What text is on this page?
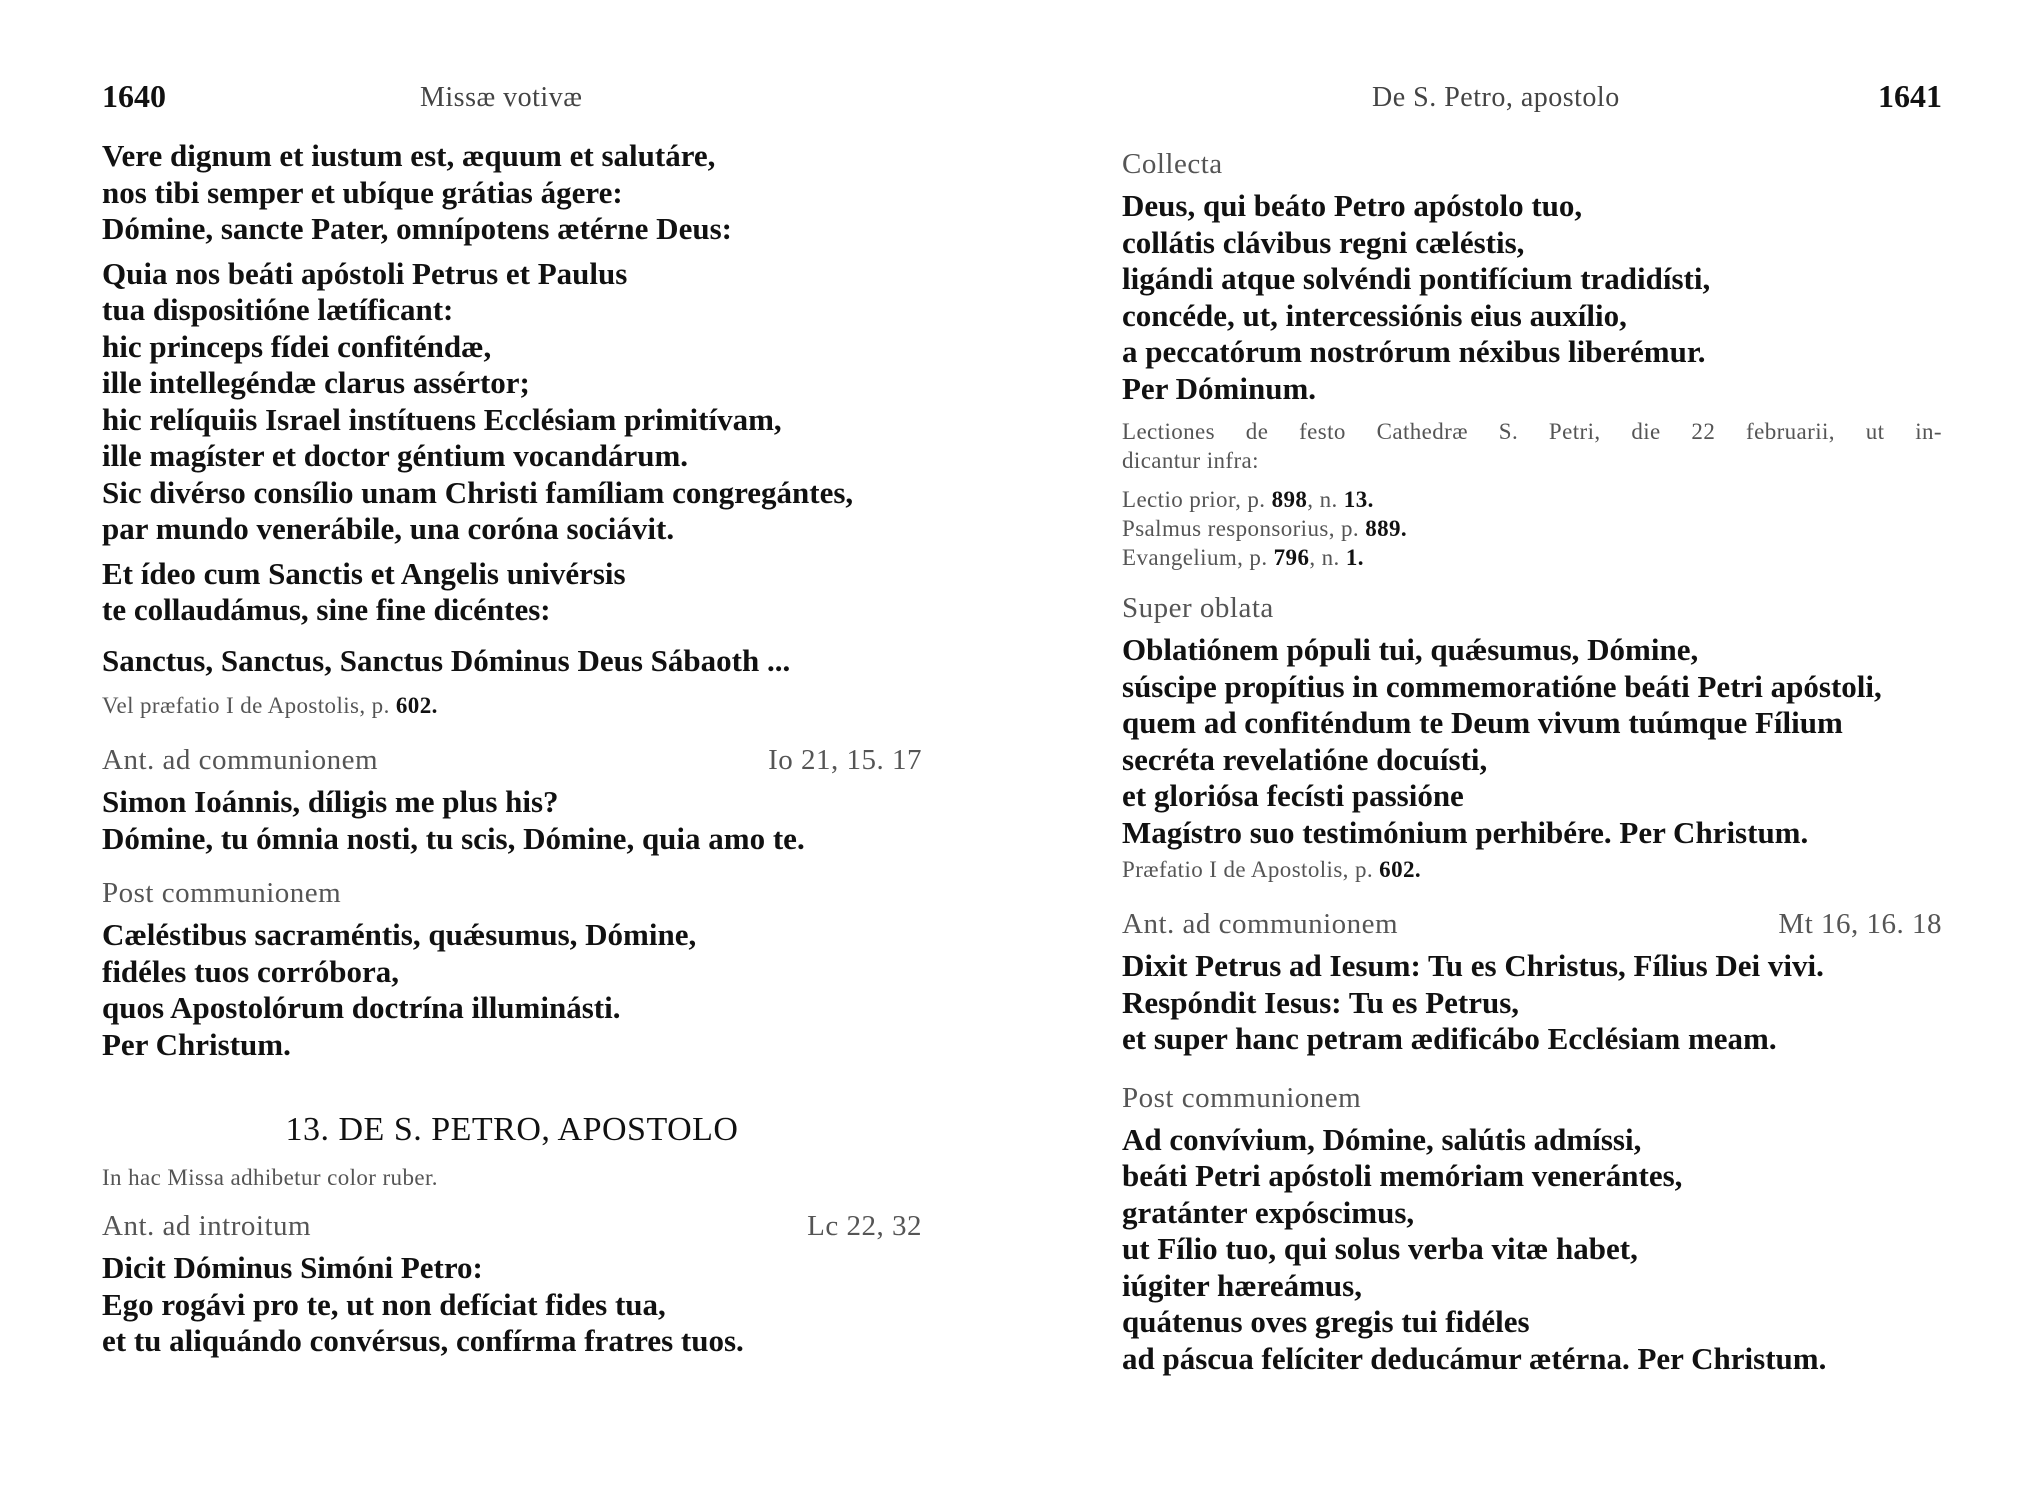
1640	Missæ votivæ
Vere dignum et iustum est, æquum et salutáre,
nos tibi semper et ubíque grátias ágere:
Dómine, sancte Pater, omnípotens ætérne Deus:
Quia nos beáti apóstoli Petrus et Paulus
tua dispositióne lætíficant:
hic princeps fídei confiténdæ,
ille intellegéndæ clarus assértor;
hic relíquiis Israel instítuens Ecclésiam primitívam,
ille magíster et doctor géntium vocandárum.
Sic divérso consílio unam Christi famíliam congregántes,
par mundo venerábile, una coróna sociávit.
Et ídeo cum Sanctis et Angelis univérsis
te collaudámus, sine fine dicéntes:
Sanctus, Sanctus, Sanctus Dóminus Deus Sábaoth ...
Vel præfatio I de Apostolis, p. 602.
Ant. ad communionem	Io 21, 15. 17
Simon Ioánnis, díligis me plus his?
Dómine, tu ómnia nosti, tu scis, Dómine, quia amo te.
Post communionem
Cæléstibus sacraméntis, quǽsumus, Dómine,
fidéles tuos corróbora,
quos Apostolórum doctrína illuminásti.
Per Christum.
13. DE S. PETRO, APOSTOLO
In hac Missa adhibetur color ruber.
Ant. ad introitum	Lc 22, 32
Dicit Dóminus Simóni Petro:
Ego rogávi pro te, ut non defíciat fides tua,
et tu aliquándo convérsus, confírma fratres tuos.
De S. Petro, apostolo	1641
Collecta
Deus, qui beáto Petro apóstolo tuo,
collátis clávibus regni cæléstis,
ligándi atque solvéndi pontifícium tradidísti,
concéde, ut, intercessiónis eius auxílio,
a peccatórum nostrórum néxibus liberémur.
Per Dóminum.
Lectiones de festo Cathedræ S. Petri, die 22 februarii, ut in-
dicantur infra:
Lectio prior, p. 898, n. 13.
Psalmus responsorius, p. 889.
Evangelium, p. 796, n. 1.
Super oblata
Oblatiónem pópuli tui, quǽsumus, Dómine,
súscipe propítius in commemoratióne beáti Petri apóstoli,
quem ad confiténdum te Deum vivum tuúmque Fílium
secréta revelatióne docuísti,
et gloriósa fecísti passióne
Magístro suo testimónium perhibére. Per Christum.
Præfatio I de Apostolis, p. 602.
Ant. ad communionem	Mt 16, 16. 18
Dixit Petrus ad Iesum: Tu es Christus, Fílius Dei vivi.
Respóndit Iesus: Tu es Petrus,
et super hanc petram ædificábo Ecclésiam meam.
Post communionem
Ad convívium, Dómine, salútis admíssi,
beáti Petri apóstoli memóriam venerántes,
gratánter expóscimus,
ut Fílio tuo, qui solus verba vitæ habet,
iúgiter hæreámus,
quátenus oves gregis tui fidéles
ad páscua felíciter deducámur ætérna. Per Christum.
